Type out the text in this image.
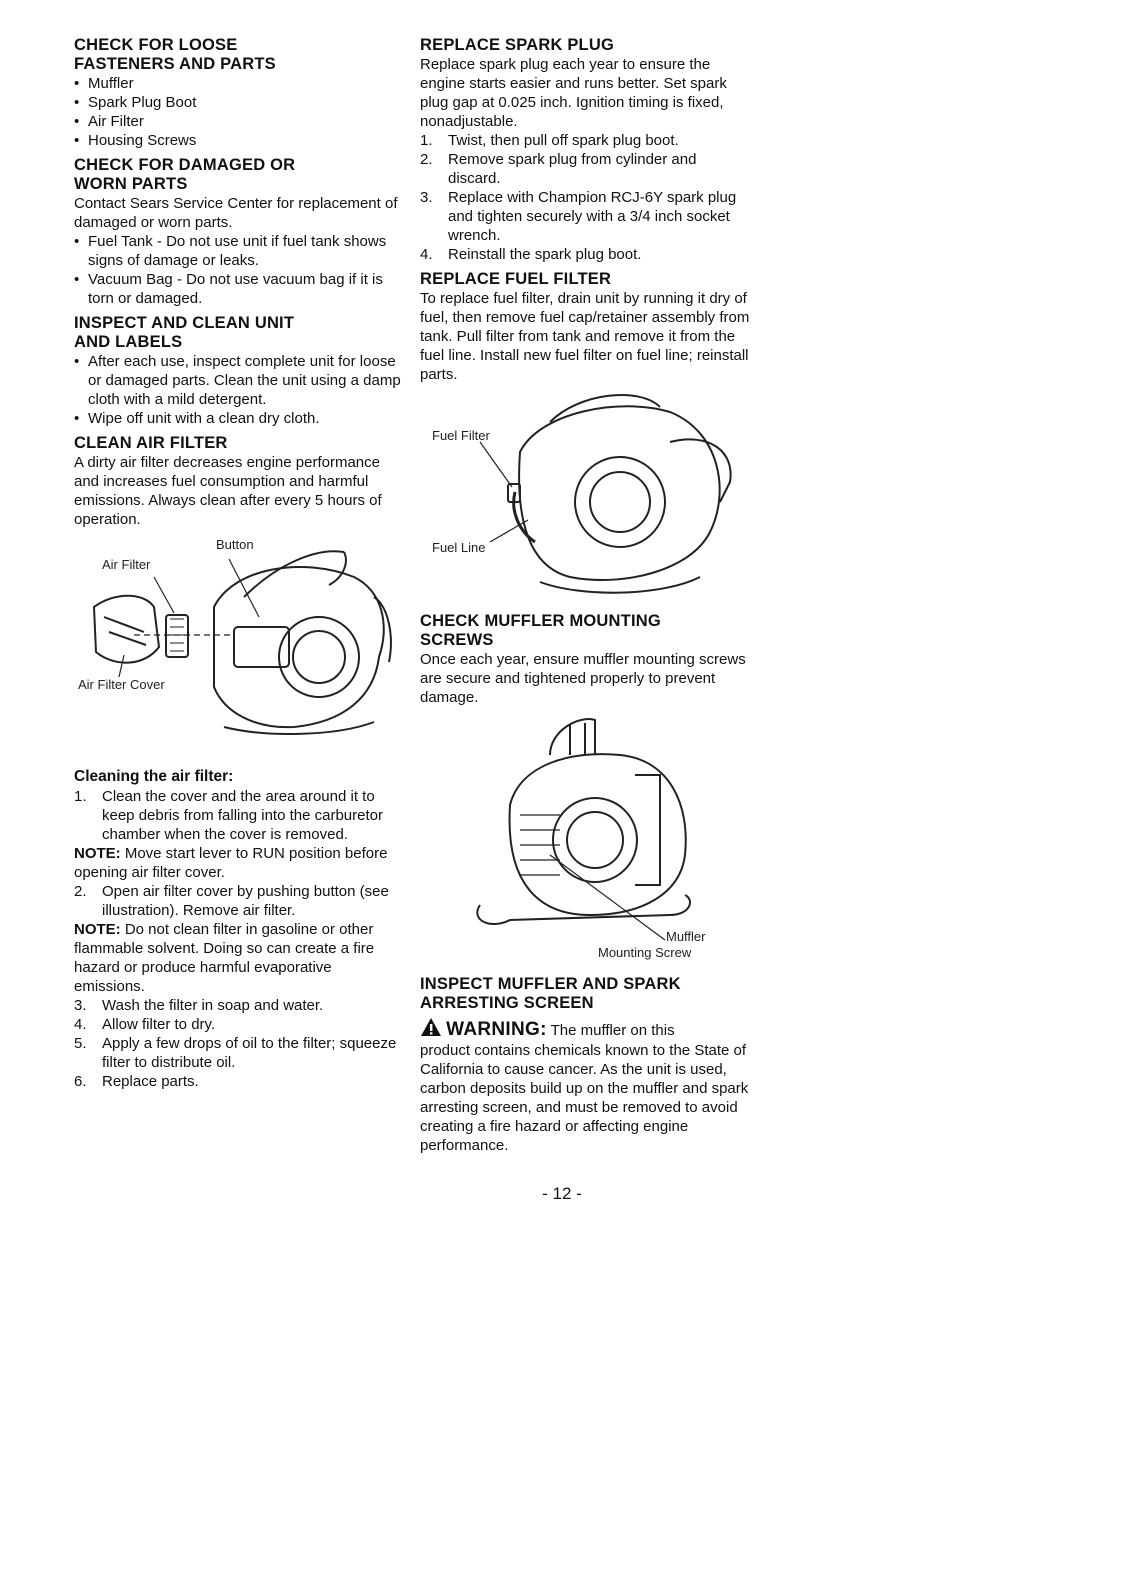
CHECK FOR LOOSE
FASTENERS AND PARTS
• Muffler
• Spark Plug Boot
• Air Filter
• Housing Screws
CHECK FOR DAMAGED OR
WORN PARTS

Contact Sears Service Center for replacement of damaged or worn parts.

• Fuel Tank - Do not use unit if fuel tank shows signs of damage or leaks.
• Vacuum Bag - Do not use vacuum bag if it is torn or damaged.
INSPECT AND CLEAN UNIT
AND LABELS
• After each use, inspect complete unit for loose or damaged parts. Clean the unit using a damp cloth with a mild detergent.
• Wipe off unit with a clean dry cloth.
CLEAN AIR FILTER

A dirty air filter decreases engine performance and increases fuel consumption and harmful emissions. Always clean after every 5 hours of operation.

Button
Air Filter
Air Filter Cover
Cleaning the air filter:
1.	Clean the cover and the area around it to keep debris from falling into the carburetor chamber when the cover is removed.

NOTE: Move start lever to RUN position before opening air filter cover.

2.	Open air filter cover by pushing button (see illustration). Remove air filter.

NOTE: Do not clean filter in gasoline or other flammable solvent. Doing so can create a fire hazard or produce harmful evaporative emissions.

3.	Wash the filter in soap and water.
4.	Allow filter to dry.
5.	Apply a few drops of oil to the filter; squeeze filter to distribute oil.
6.	Replace parts.
REPLACE SPARK PLUG

Replace spark plug each year to ensure the engine starts easier and runs better. Set spark plug gap at 0.025 inch. Ignition timing is fixed, nonadjustable.

1.	Twist, then pull off spark plug boot.
2.	Remove spark plug from cylinder and discard.
3.	Replace with Champion RCJ-6Y spark plug and tighten securely with a 3/4 inch socket wrench.
4.	Reinstall the spark plug boot.
REPLACE FUEL FILTER

To replace fuel filter, drain unit by running it dry of fuel, then remove fuel cap/retainer assembly from tank. Pull filter from tank and remove it from the fuel line. Install new fuel filter on fuel line; reinstall parts.

Fuel Filter
Fuel Line
CHECK MUFFLER MOUNTING
SCREWS

Once each year, ensure muffler mounting screws are secure and tightened properly to prevent damage.

Muffler
Mounting Screw
INSPECT MUFFLER AND SPARK
ARRESTING SCREEN
WARNING: The muffler on this

product contains chemicals known to the State of California to cause cancer. As the unit is used, carbon deposits build up on the muffler and spark arresting screen, and must be removed to avoid creating a fire hazard or affecting engine performance.

- 12 -
